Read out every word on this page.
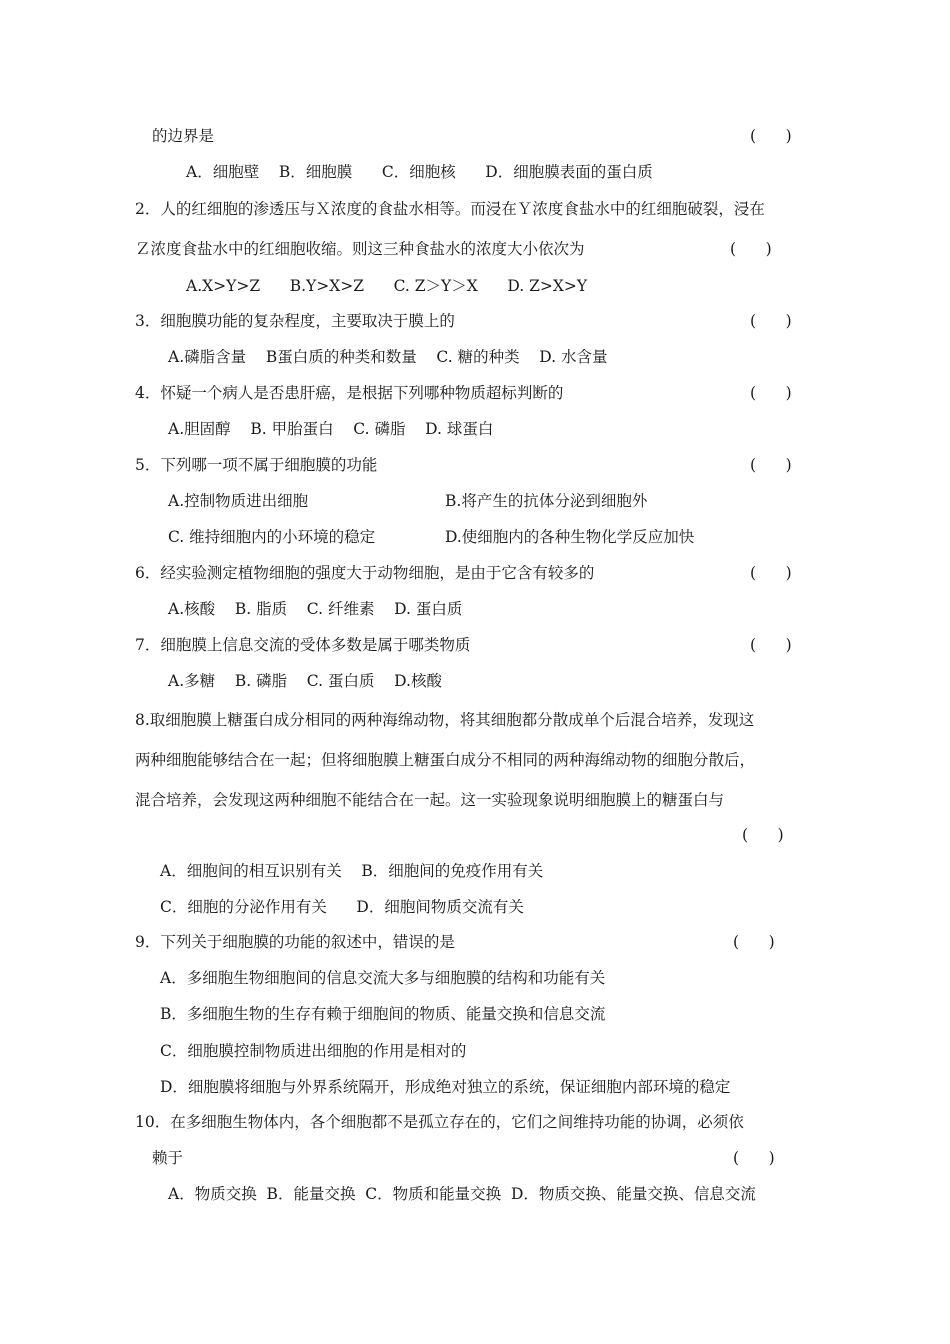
的边界是	(      )
A．细胞壁    B．细胞膜      C．细胞核      D．细胞膜表面的蛋白质
2．人的红细胞的渗透压与Ｘ浓度的食盐水相等。而浸在Ｙ浓度食盐水中的红细胞破裂，浸在
Ｚ浓度食盐水中的红细胞收缩。则这三种食盐水的浓度大小依次为	(      )
A.X>Y>Z      B.Y>X>Z      C. Z＞Y＞X      D. Z>X>Y
3．细胞膜功能的复杂程度，主要取决于膜上的	(      )
A.磷脂含量    B蛋白质的种类和数量    C. 糖的种类    D. 水含量
4．怀疑一个病人是否患肝癌，是根据下列哪种物质超标判断的	(      )
A.胆固醇    B. 甲胎蛋白    C. 磷脂    D. 球蛋白
5．下列哪一项不属于细胞膜的功能	(      )
A.控制物质进出细胞	B.将产生的抗体分泌到细胞外
C. 维持细胞内的小环境的稳定	D.使细胞内的各种生物化学反应加快
6．经实验测定植物细胞的强度大于动物细胞，是由于它含有较多的	(      )
A.核酸    B. 脂质    C. 纤维素    D. 蛋白质
7．细胞膜上信息交流的受体多数是属于哪类物质	(      )
A.多糖    B. 磷脂    C. 蛋白质    D.核酸
8.取细胞膜上糖蛋白成分相同的两种海绵动物，将其细胞都分散成单个后混合培养，发现这
两种细胞能够结合在一起；但将细胞膜上糖蛋白成分不相同的两种海绵动物的细胞分散后，
混合培养，会发现这两种细胞不能结合在一起。这一实验现象说明细胞膜上的糖蛋白与
(      )
A．细胞间的相互识别有关    B．细胞间的免疫作用有关
C．细胞的分泌作用有关      D．细胞间物质交流有关
9．下列关于细胞膜的功能的叙述中，错误的是	(      )
A．多细胞生物细胞间的信息交流大多与细胞膜的结构和功能有关
B．多细胞生物的生存有赖于细胞间的物质、能量交换和信息交流
C．细胞膜控制物质进出细胞的作用是相对的
D．细胞膜将细胞与外界系统隔开，形成绝对独立的系统，保证细胞内部环境的稳定
10．在多细胞生物体内，各个细胞都不是孤立存在的，它们之间维持功能的协调，必须依
赖于	(      )
A．物质交换  B．能量交换  C．物质和能量交换  D．物质交换、能量交换、信息交流
